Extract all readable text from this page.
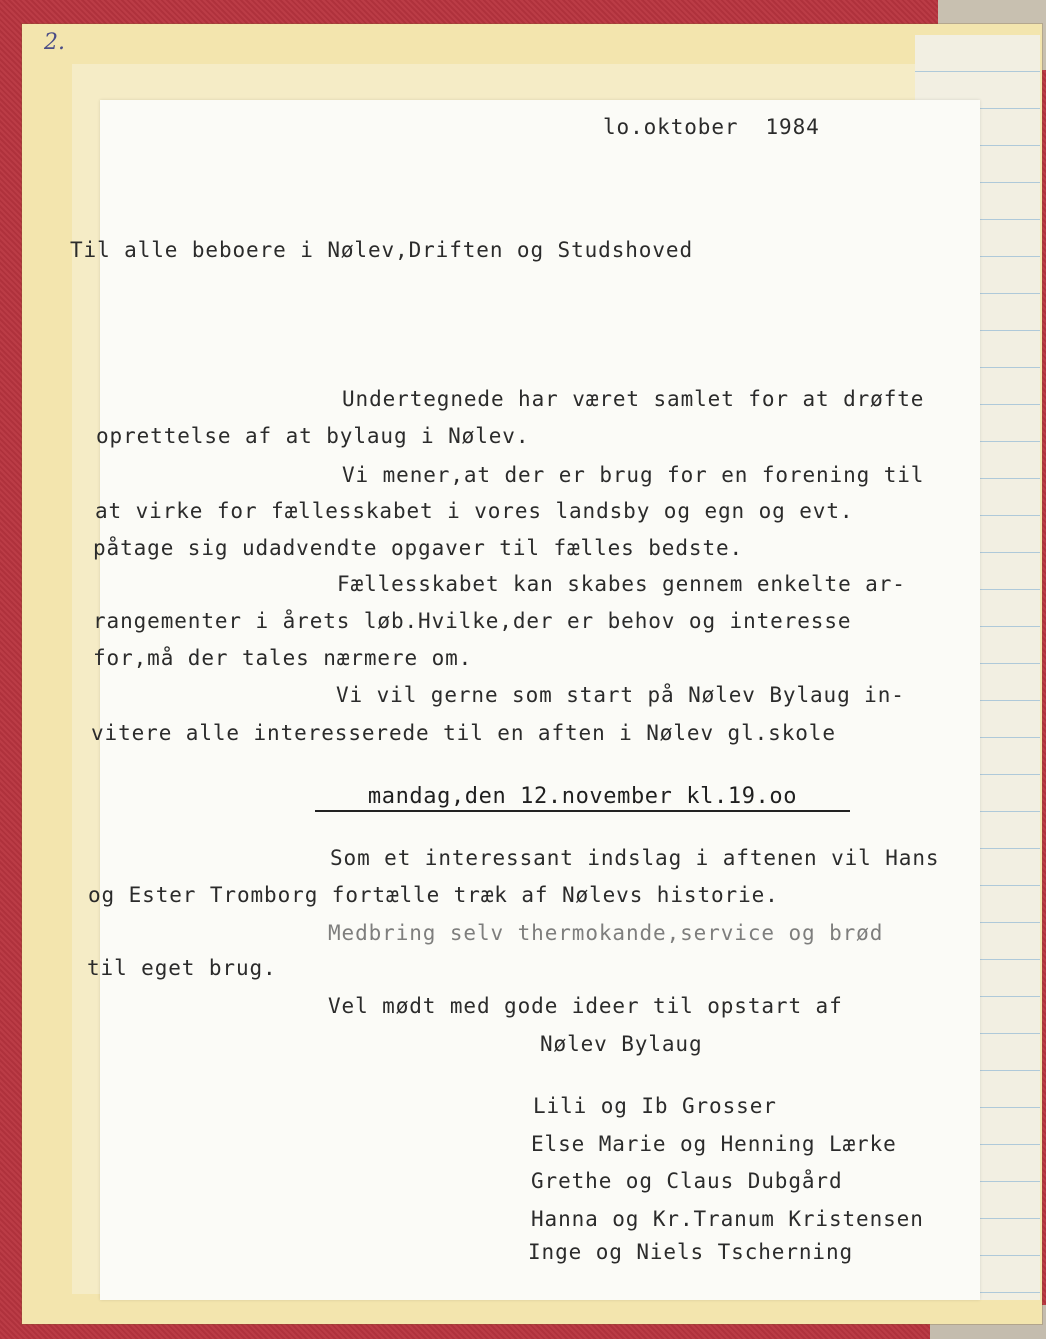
2.
lo.oktober  1984
Til alle beboere i Nølev,Driften og Studshoved
Undertegnede har været samlet for at drøfte
oprettelse af at bylaug i Nølev.
Vi mener,at der er brug for en forening til
at virke for fællesskabet i vores landsby og egn og evt.
påtage sig udadvendte opgaver til fælles bedste.
Fællesskabet kan skabes gennem enkelte ar-
rangementer i årets løb.Hvilke,der er behov og interesse
for,må der tales nærmere om.
Vi vil gerne som start på Nølev Bylaug in-
vitere alle interesserede til en aften i Nølev gl.skole
mandag,den 12.november kl.19.oo
Som et interessant indslag i aftenen vil Hans
og Ester Tromborg fortælle træk af Nølevs historie.
Medbring selv thermokande,service og brød
til eget brug.
Vel mødt med gode ideer til opstart af
Nølev Bylaug
Lili og Ib Grosser
Else Marie og Henning Lærke
Grethe og Claus Dubgård
Hanna og Kr.Tranum Kristensen
Inge og Niels Tscherning
